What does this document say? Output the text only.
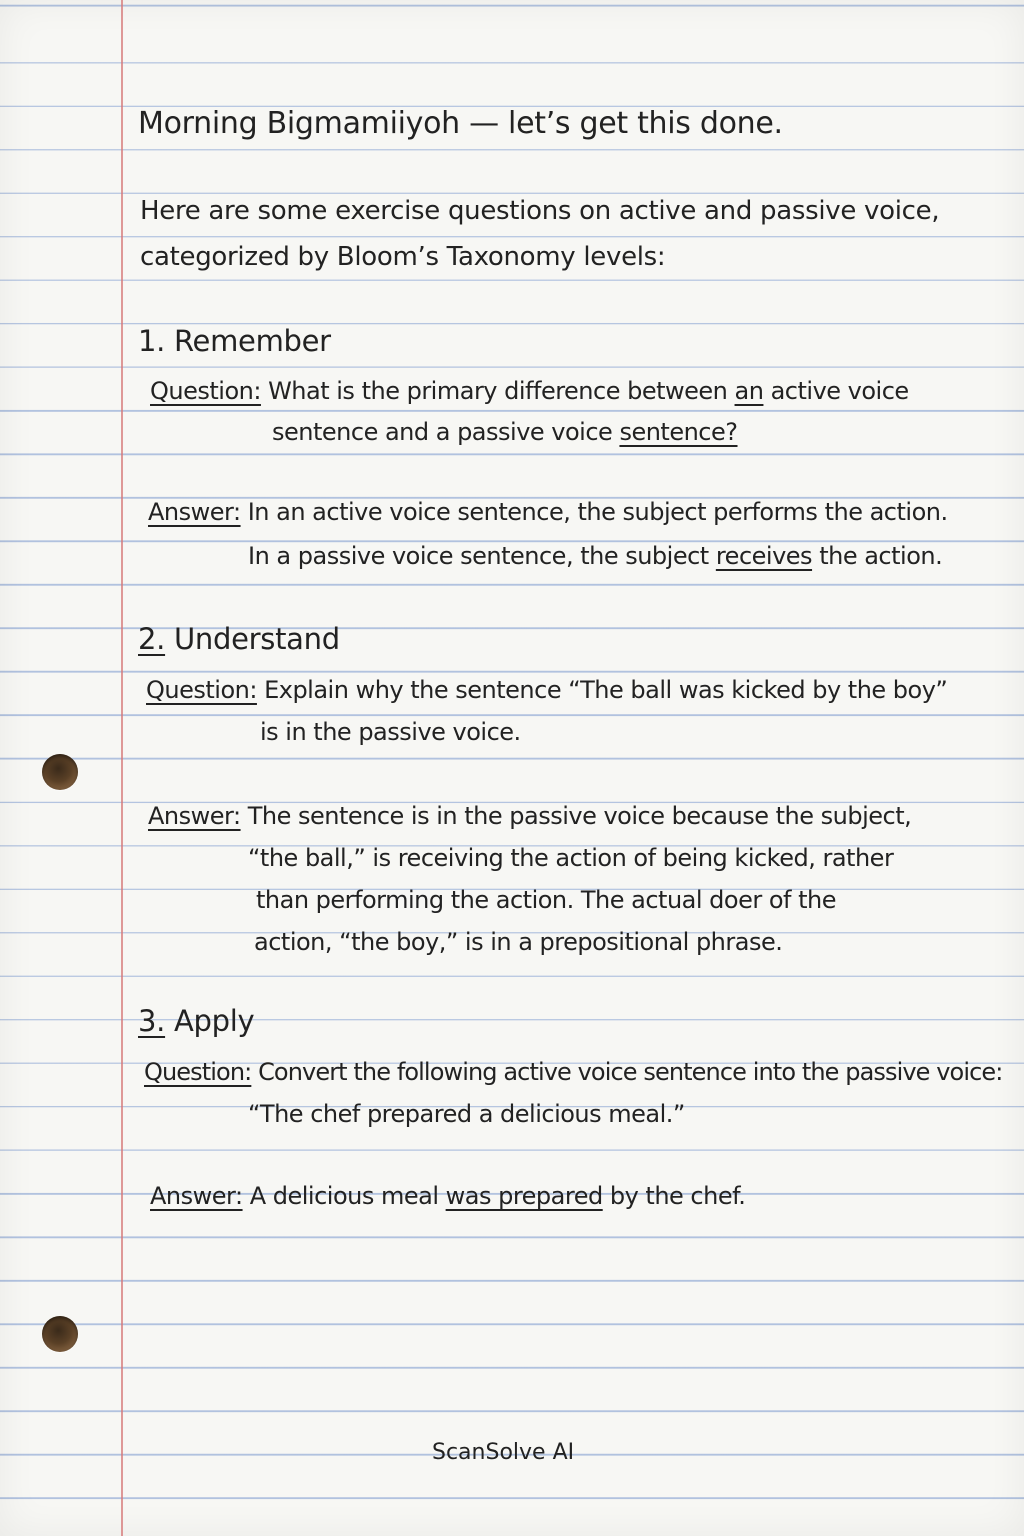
Morning Bigmamiiyoh — let’s get this done.

Here are some exercise questions on active and passive voice,

categorized by Bloom’s Taxonomy levels:

1. Remember

Question: What is the primary difference between an active voice

sentence and a passive voice sentence?

Answer: In an active voice sentence, the subject performs the action.

In a passive voice sentence, the subject receives the action.

2. Understand

Question: Explain why the sentence “The ball was kicked by the boy”

is in the passive voice.

Answer: The sentence is in the passive voice because the subject,

“the ball,” is receiving the action of being kicked, rather

than performing the action. The actual doer of the

action, “the boy,” is in a prepositional phrase.

3. Apply

Question: Convert the following active voice sentence into the passive voice:

“The chef prepared a delicious meal.”

Answer: A delicious meal was prepared by the chef.

ScanSolve AI
